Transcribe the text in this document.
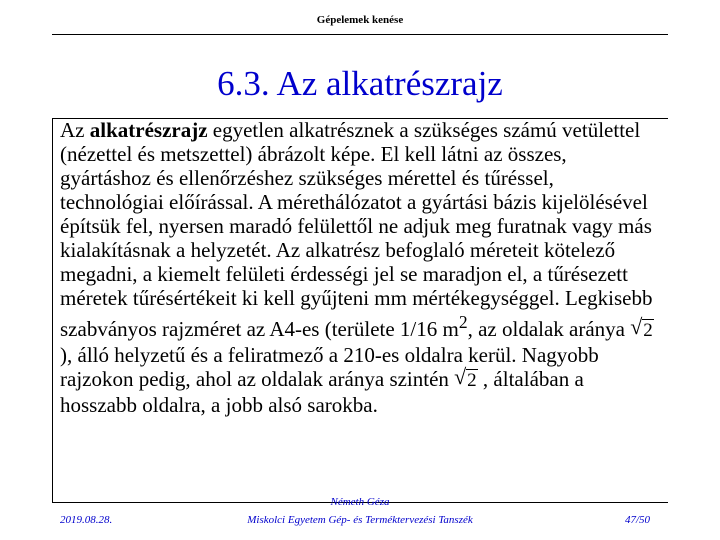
Gépelemek kenése
6.3. Az alkatrészrajz
Az alkatrészrajz egyetlen alkatrésznek a szükséges számú vetülettel (nézettel és metszettel) ábrázolt képe. El kell látni az összes, gyártáshoz és ellenőrzéshez szükséges mérettel és tűréssel, technológiai előírással. A mérethálózatot a gyártási bázis kijelölésével építsük fel, nyersen maradó felülettől ne adjuk meg furatnak vagy más kialakításnak a helyzetét. Az alkatrész befoglaló méreteit kötelező megadni, a kiemelt felületi érdességi jel se maradjon el, a tűrésezett méretek tűrésértékeit ki kell gyűjteni mm mértékegységgel. Legkisebb szabványos rajzméret az A4-es (területe 1/16 $m^2$, az oldalak aránya √ 2), álló helyzetű és a feliratmező a 210-es oldalra kerül. Nagyobb rajzokon pedig, ahol az oldalak aránya szintén √ 2 , általában a hosszabb oldalra, a jobb alsó sarokba.
Németh Géza
2019.08.28.	Miskolci Egyetem Gép- és Terméktervezési Tanszék	47/50
